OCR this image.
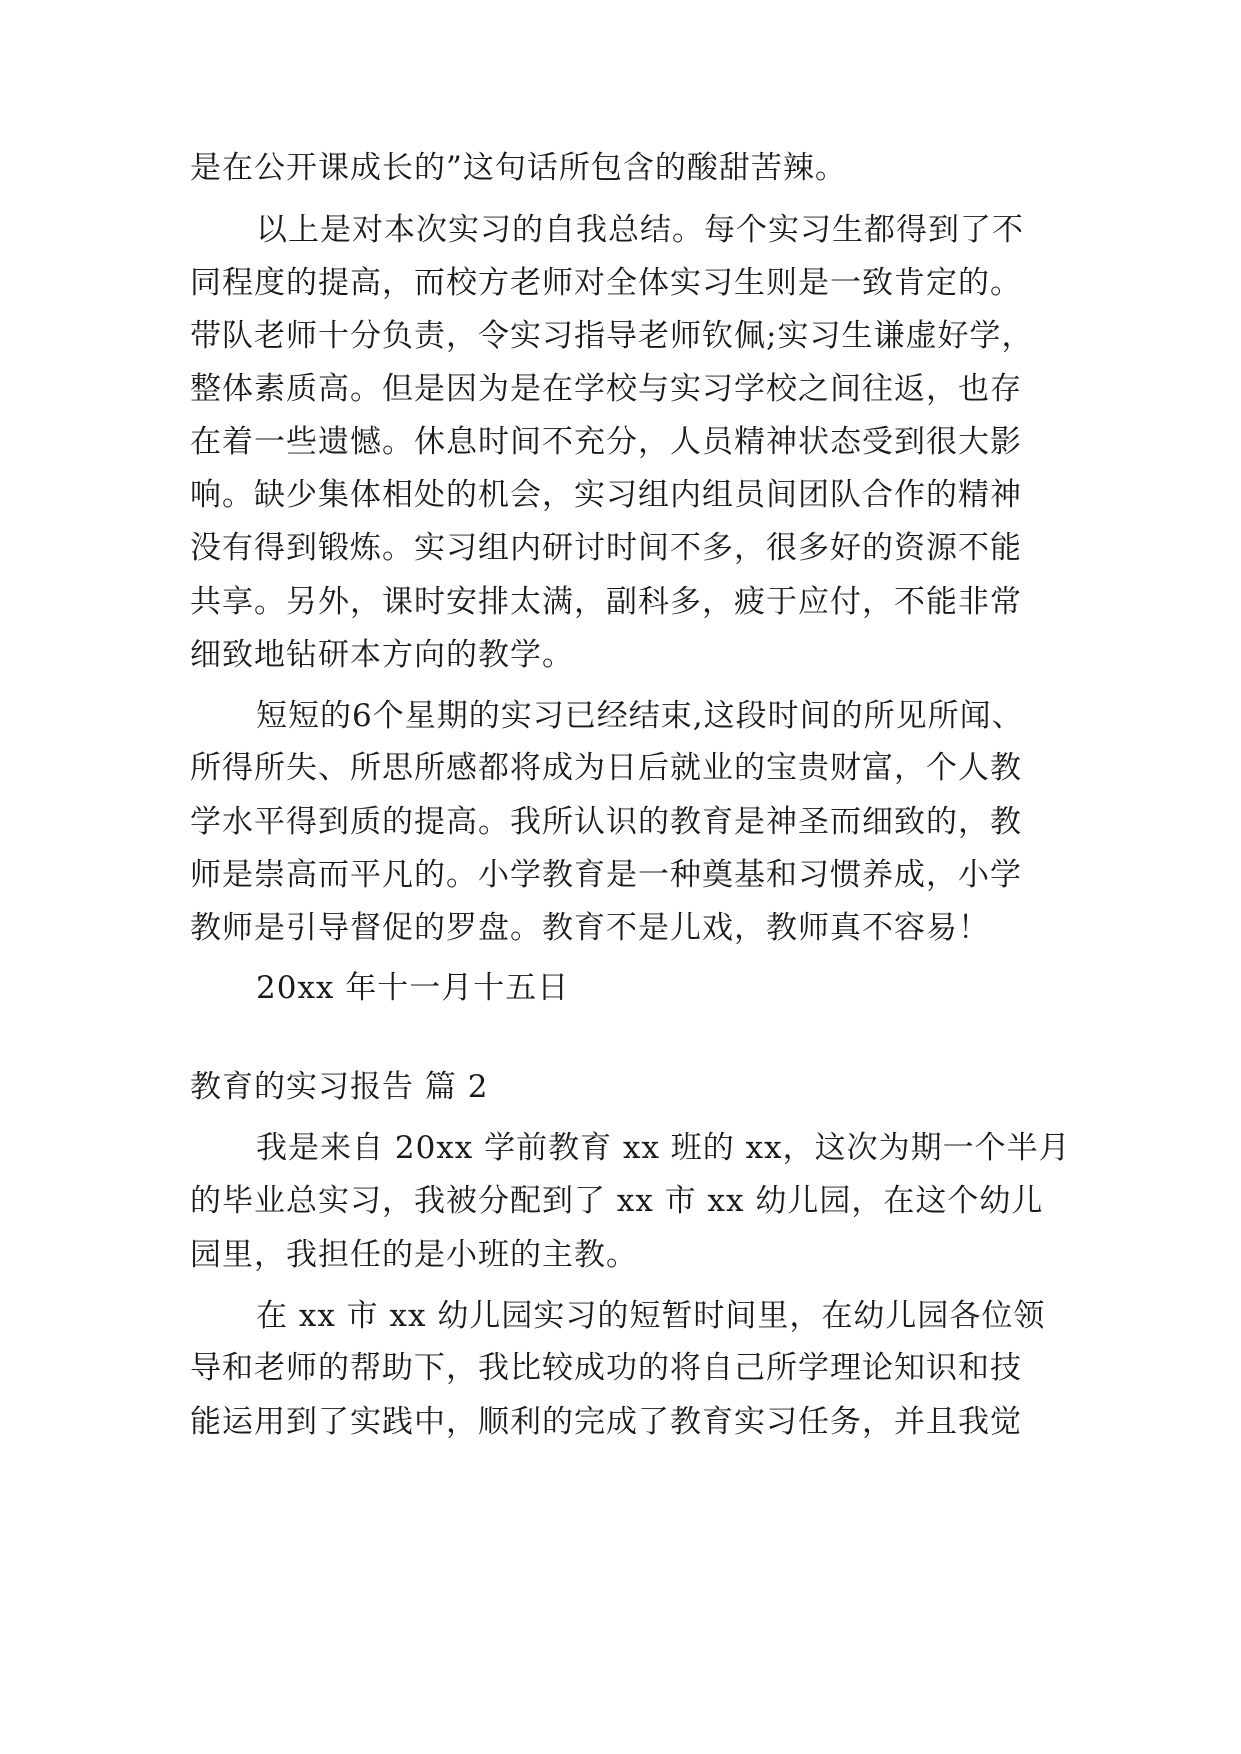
是在公开课成长的”这句话所包含的酸甜苦辣。
以上是对本次实习的自我总结。每个实习生都得到了不
同程度的提高，而校方老师对全体实习生则是一致肯定的。
带队老师十分负责，令实习指导老师钦佩;实习生谦虚好学，
整体素质高。但是因为是在学校与实习学校之间往返，也存
在着一些遗憾。休息时间不充分，人员精神状态受到很大影
响。缺少集体相处的机会，实习组内组员间团队合作的精神
没有得到锻炼。实习组内研讨时间不多，很多好的资源不能
共享。另外，课时安排太满，副科多，疲于应付，不能非常
细致地钻研本方向的教学。
短短的6个星期的实习已经结束,这段时间的所见所闻、
所得所失、所思所感都将成为日后就业的宝贵财富，个人教
学水平得到质的提高。我所认识的教育是神圣而细致的，教
师是崇高而平凡的。小学教育是一种奠基和习惯养成，小学
教师是引导督促的罗盘。教育不是儿戏，教师真不容易！
20xx 年十一月十五日
教育的实习报告 篇 2
我是来自 20xx 学前教育 xx 班的 xx，这次为期一个半月
的毕业总实习，我被分配到了 xx 市 xx 幼儿园，在这个幼儿
园里，我担任的是小班的主教。
在 xx 市 xx 幼儿园实习的短暂时间里，在幼儿园各位领
导和老师的帮助下，我比较成功的将自己所学理论知识和技
能运用到了实践中，顺利的完成了教育实习任务，并且我觉
